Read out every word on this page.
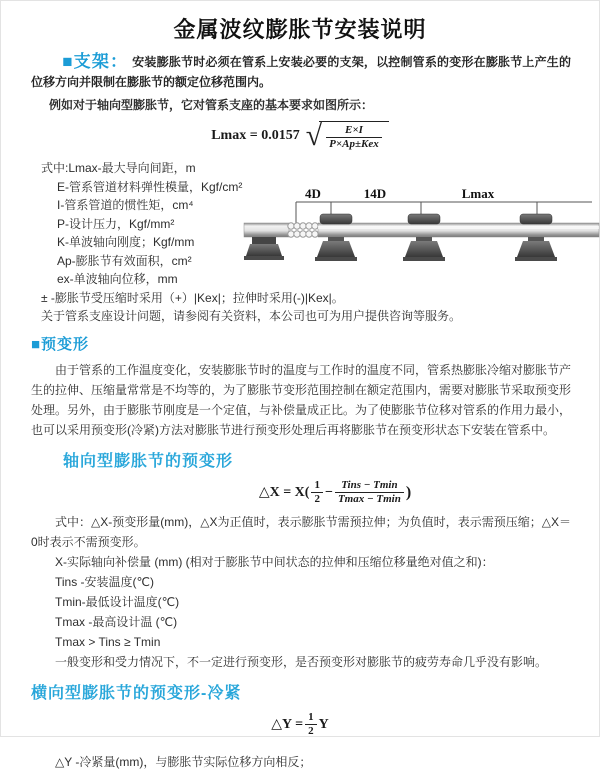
金属波纹膨胀节安装说明

■支架： 安装膨胀节时必须在管系上安装必要的支架，以控制管系的变形在膨胀节上产生的位移方向并限制在膨胀节的额定位移范围内。

例如对于轴向型膨胀节，它对管系支座的基本要求如图所示：
Lmax = 0.0157 √ $\frac{E\times I}{\text{P×Ap±Kex}}$
式中:Lmax-最大导向间距，m
E-管系管道材料弹性模量，Kgf/cm²
I-管系管道的惯性矩，cm⁴
P-设计压力，Kgf/mm²
K-单波轴向刚度；Kgf/mm
Ap-膨胀节有效面积，cm²
ex-单波轴向位移，mm
± -膨胀节受压缩时采用（+）|Kex|；拉伸时采用(-)|Kex|。
关于管系支座设计问题，请参阅有关资料，本公司也可为用户提供咨询等服务。
4D	14D	Lmax
■预变形

由于管系的工作温度变化，安装膨胀节时的温度与工作时的温度不同，管系热膨胀冷缩对膨胀节产生的拉伸、压缩量常常是不均等的，为了膨胀节变形范围控制在额定范围内，需要对膨胀节采取预变形处理。另外，由于膨胀节刚度是一个定值，与补偿量成正比。为了使膨胀节位移对管系的作用力最小，也可以采用预变形(冷紧)方法对膨胀节进行预变形处理后再将膨胀节在预变形状态下安装在管系中。

轴向型膨胀节的预变形
△X = $X( \frac{1}{2} - \frac{\text{Tins − Tmin}}{Tmax - Tmin}$ )

式中：△X-预变形量(mm)，△X为正值时，表示膨胀节需预拉伸；为负值时，表示需预压缩；△X＝0时表示不需预变形。

X-实际轴向补偿量 (mm) (相对于膨胀节中间状态的拉伸和压缩位移量绝对值之和)：

Tins -安装温度(℃)

Tmin-最低设计温度(℃)

Tmax -最高设计温 (℃)

Tmax > Tins ≥ Tmin

一般变形和受力情况下，不一定进行预变形，是否预变形对膨胀节的疲劳寿命几乎没有影响。

横向型膨胀节的预变形-冷紧
△Y = $\frac{1}{2}$ Y

△Y -冷紧量(mm)，与膨胀节实际位移方向相反；
